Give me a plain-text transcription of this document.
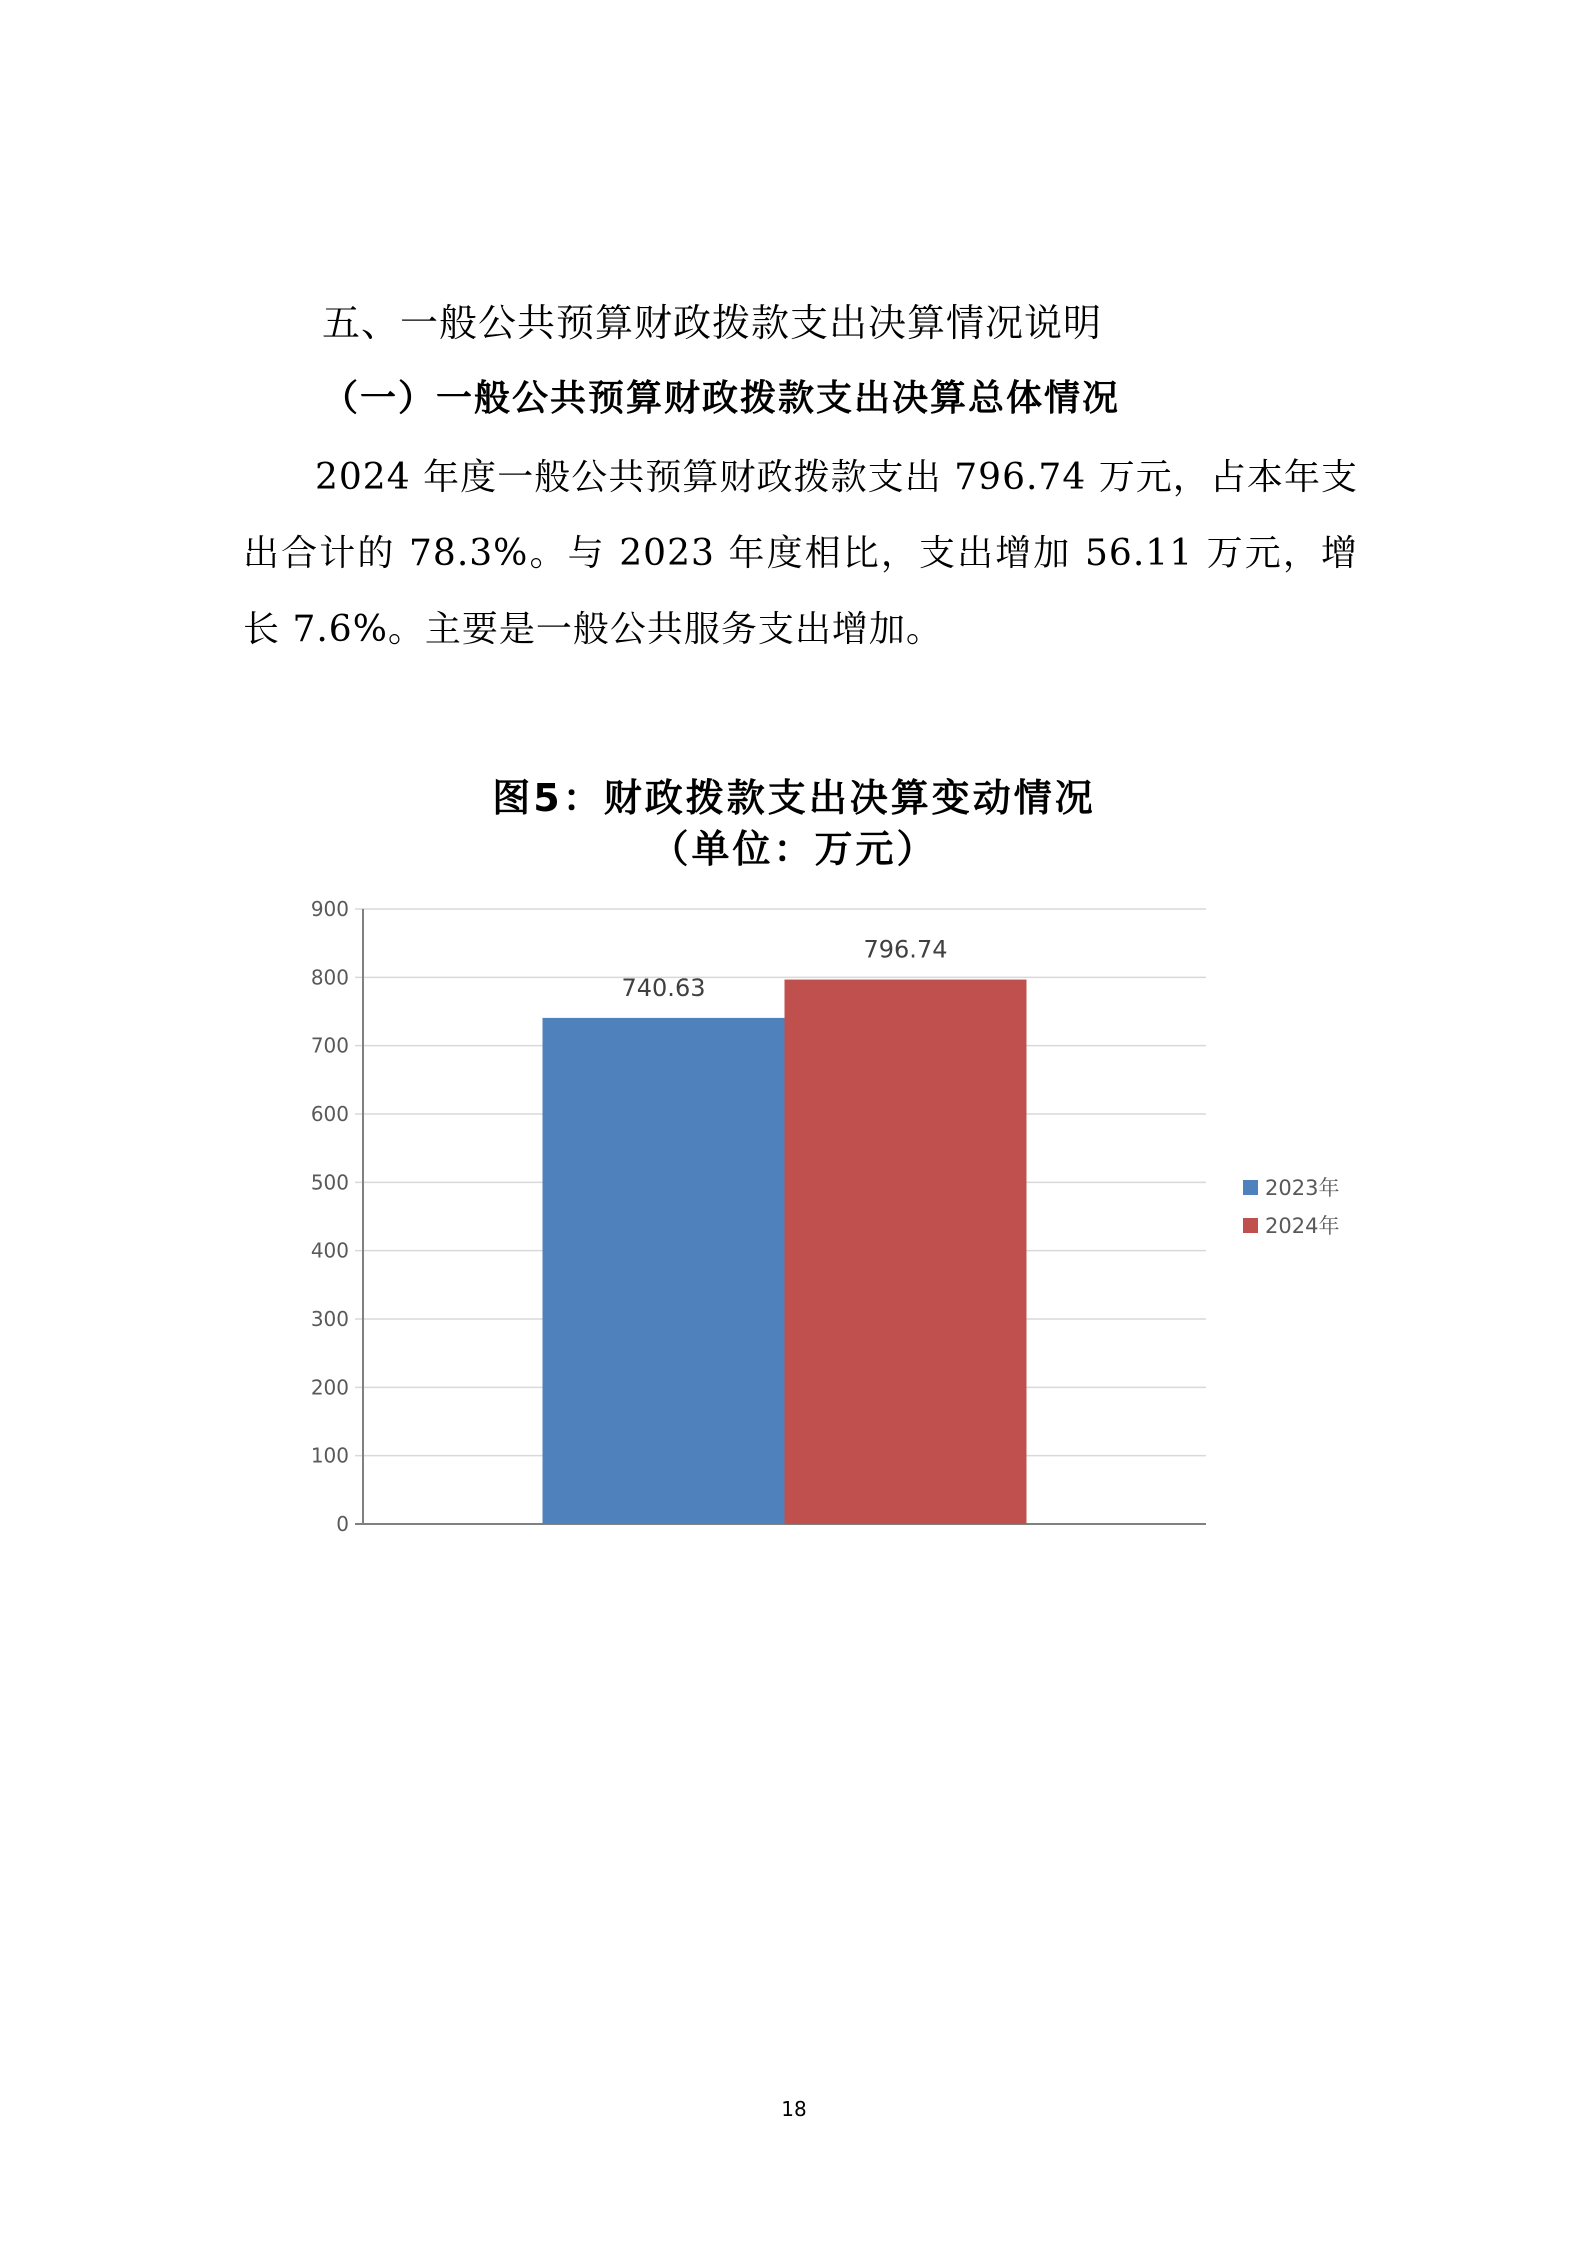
五、一般公共预算财政拨款支出决算情况说明
（一）一般公共预算财政拨款支出决算总体情况
2024 年度一般公共预算财政拨款支出 796.74 万元，占本年支出合计的 78.3%。与 2023 年度相比，支出增加 56.11 万元，增长 7.6%。主要是一般公共服务支出增加。
图5：财政拨款支出决算变动情况
（单位：万元）
0
100
200
300
400
500
600
700
800
900
740.63
796.74
2023年
2024年
18
